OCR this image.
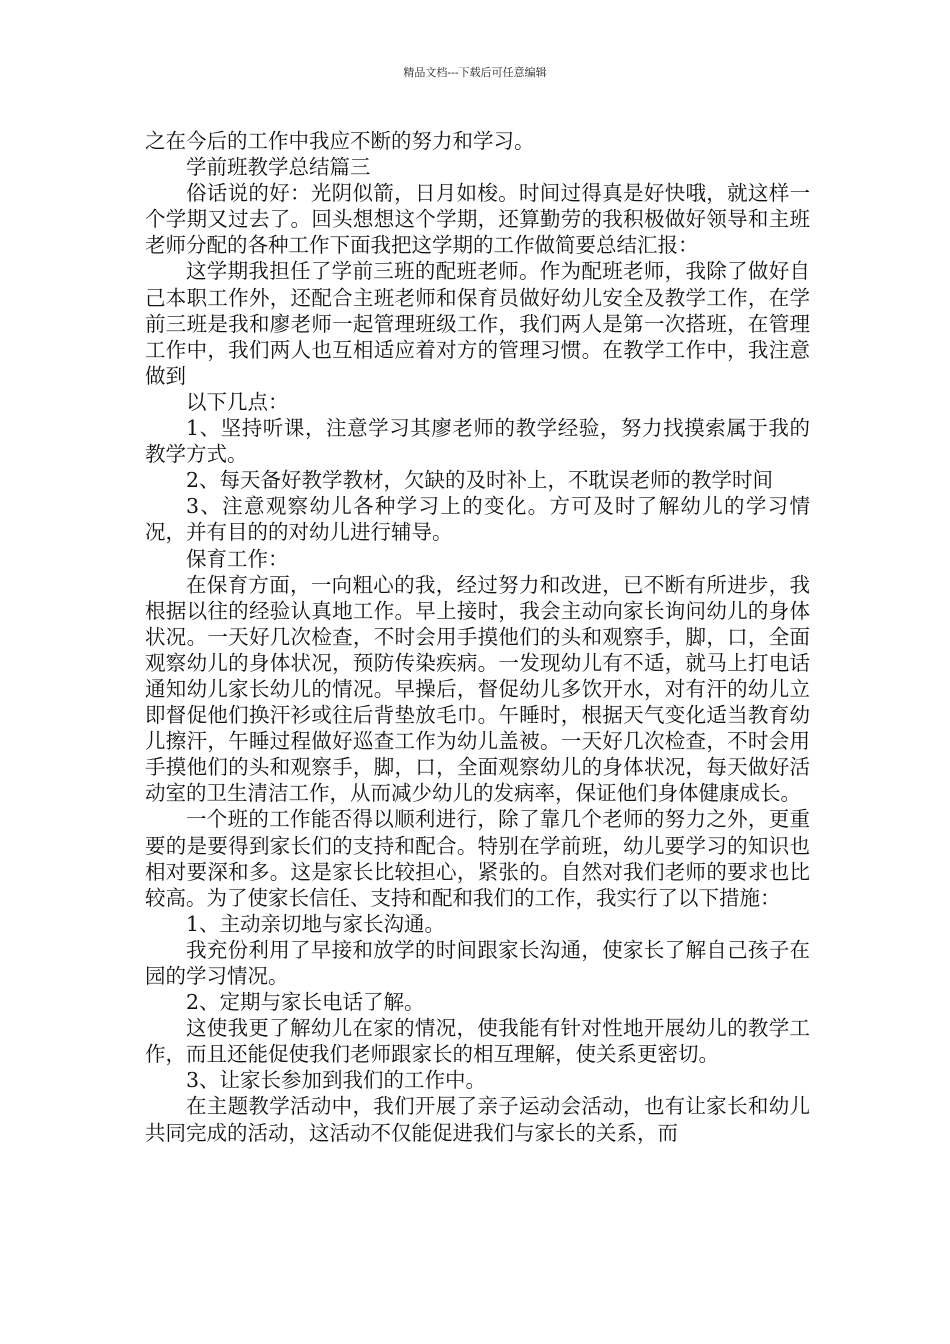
精品文档---下载后可任意编辑

之在今后的工作中我应不断的努力和学习。

学前班教学总结篇三

俗话说的好：光阴似箭，日月如梭。时间过得真是好快哦，就这样一个学期又过去了。回头想想这个学期，还算勤劳的我积极做好领导和主班老师分配的各种工作下面我把这学期的工作做简要总结汇报：

这学期我担任了学前三班的配班老师。作为配班老师，我除了做好自己本职工作外，还配合主班老师和保育员做好幼儿安全及教学工作，在学前三班是我和廖老师一起管理班级工作，我们两人是第一次搭班，在管理工作中，我们两人也互相适应着对方的管理习惯。在教学工作中，我注意做到

以下几点：

1、坚持听课，注意学习其廖老师的教学经验，努力找摸索属于我的教学方式。

2、每天备好教学教材，欠缺的及时补上，不耽误老师的教学时间

3、注意观察幼儿各种学习上的变化。方可及时了解幼儿的学习情况，并有目的的对幼儿进行辅导。

保育工作：

在保育方面，一向粗心的我，经过努力和改进，已不断有所进步，我根据以往的经验认真地工作。早上接时，我会主动向家长询问幼儿的身体状况。一天好几次检查，不时会用手摸他们的头和观察手，脚，口，全面观察幼儿的身体状况，预防传染疾病。一发现幼儿有不适，就马上打电话通知幼儿家长幼儿的情况。早操后，督促幼儿多饮开水，对有汗的幼儿立即督促他们换汗衫或往后背垫放毛巾。午睡时，根据天气变化适当教育幼儿擦汗，午睡过程做好巡查工作为幼儿盖被。一天好几次检查，不时会用手摸他们的头和观察手，脚，口，全面观察幼儿的身体状况，每天做好活动室的卫生清洁工作，从而减少幼儿的发病率，保证他们身体健康成长。

一个班的工作能否得以顺利进行，除了靠几个老师的努力之外，更重要的是要得到家长们的支持和配合。特别在学前班，幼儿要学习的知识也相对要深和多。这是家长比较担心，紧张的。自然对我们老师的要求也比较高。为了使家长信任、支持和配和我们的工作，我实行了以下措施：

1、主动亲切地与家长沟通。

我充份利用了早接和放学的时间跟家长沟通，使家长了解自己孩子在园的学习情况。

2、定期与家长电话了解。

这使我更了解幼儿在家的情况，使我能有针对性地开展幼儿的教学工作，而且还能促使我们老师跟家长的相互理解，使关系更密切。

3、让家长参加到我们的工作中。

在主题教学活动中，我们开展了亲子运动会活动，也有让家长和幼儿共同完成的活动，这活动不仅能促进我们与家长的关系，而
